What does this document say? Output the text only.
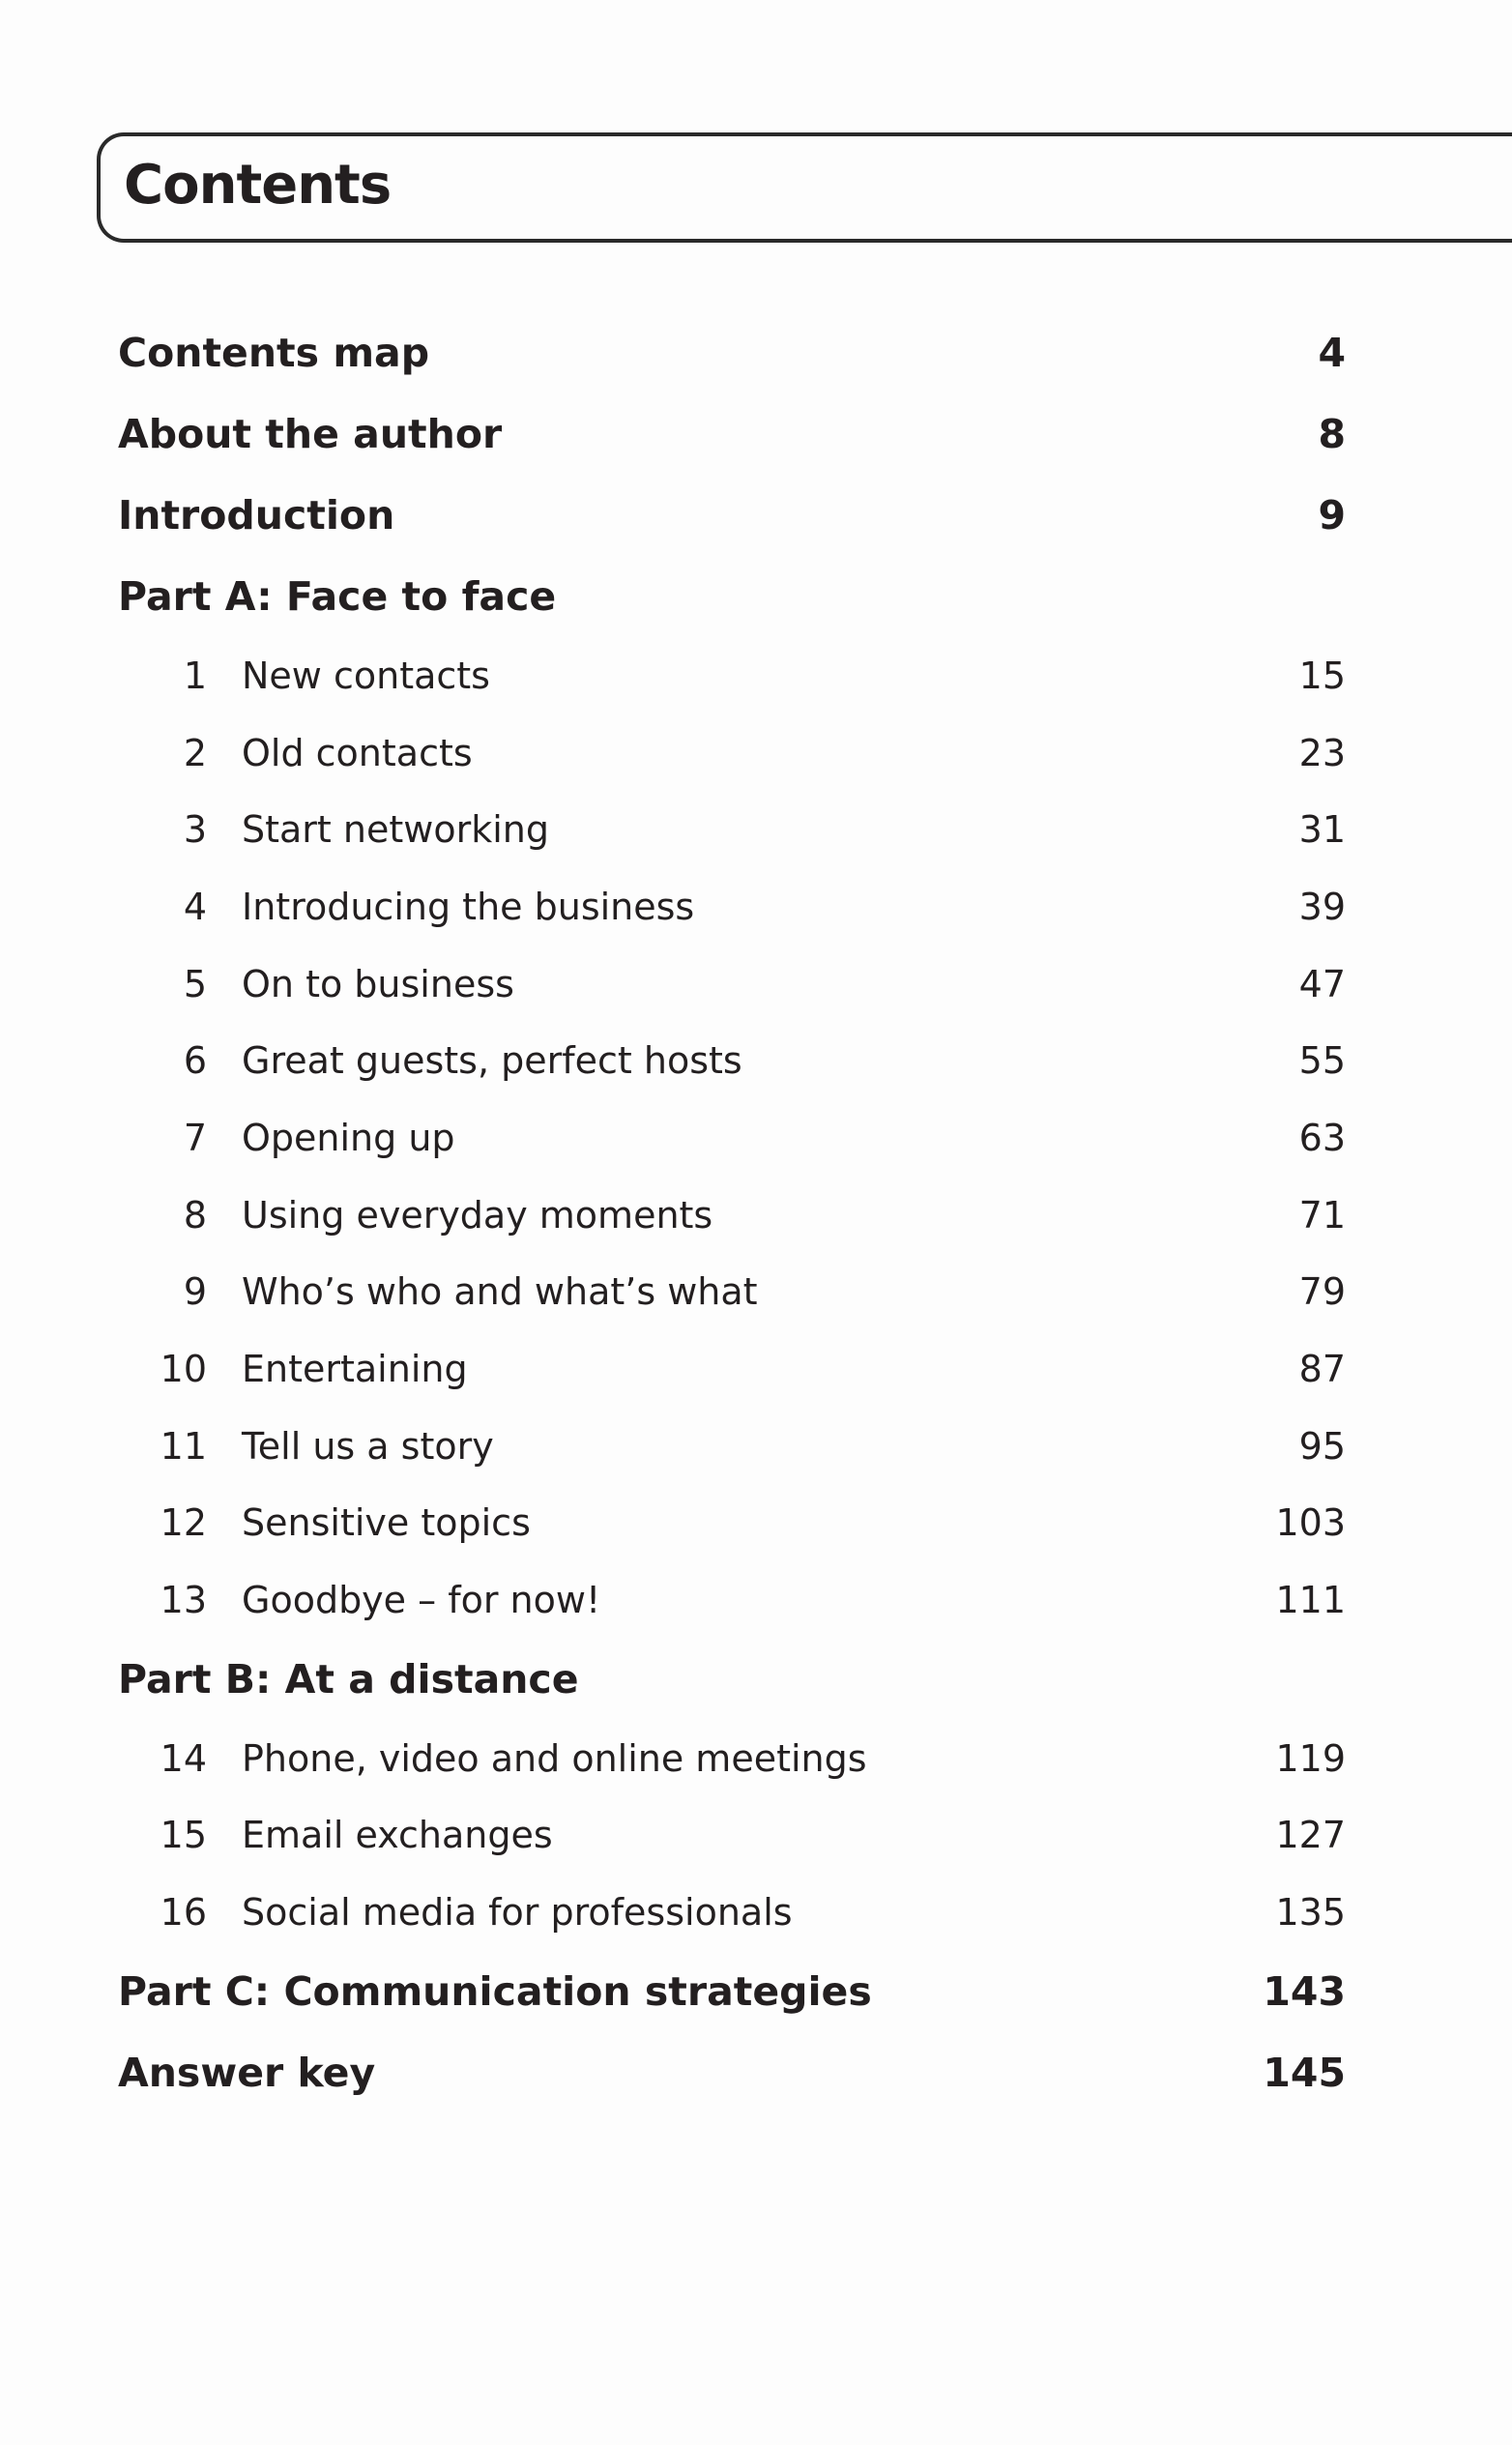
Contents
Contents map	4
About the author	8
Introduction	9
Part A: Face to face
1 New contacts	15
2 Old contacts	23
3 Start networking	31
4 Introducing the business	39
5 On to business	47
6 Great guests, perfect hosts	55
7 Opening up	63
8 Using everyday moments	71
9 Who’s who and what’s what	79
10 Entertaining	87
11 Tell us a story	95
12 Sensitive topics	103
13 Goodbye – for now!	111
Part B: At a distance
14 Phone, video and online meetings	119
15 Email exchanges	127
16 Social media for professionals	135
Part C: Communication strategies	143
Answer key	145
